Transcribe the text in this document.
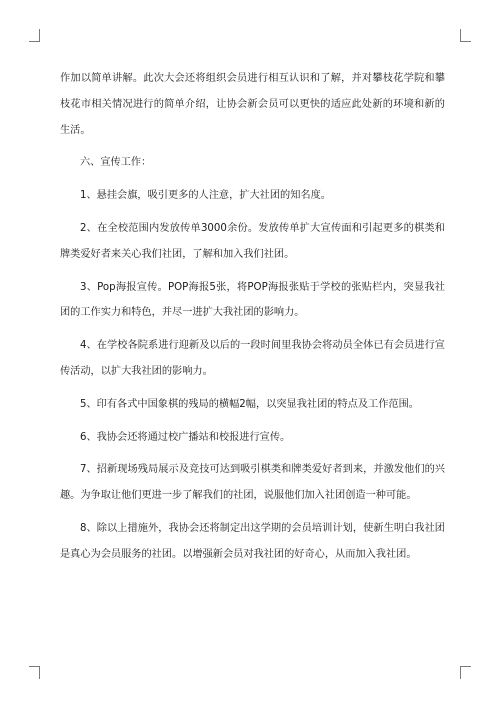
作加以简单讲解。此次大会还将组织会员进行相互认识和了解，并对攀枝花学院和攀枝花市相关情况进行的简单介绍，让协会新会员可以更快的适应此处新的环境和新的生活。

六、宣传工作：

1、悬挂会旗，吸引更多的人注意，扩大社团的知名度。

2、在全校范围内发放传单3000余份。发放传单扩大宣传面和引起更多的棋类和牌类爱好者来关心我们社团，了解和加入我们社团。

3、Pop海报宣传。POP海报5张，将POP海报张贴于学校的张贴栏内，突显我社团的工作实力和特色，并尽一进扩大我社团的影响力。

4、在学校各院系进行迎新及以后的一段时间里我协会将动员全体已有会员进行宣传活动，以扩大我社团的影响力。

5、印有各式中国象棋的残局的横幅2幅，以突显我社团的特点及工作范围。

6、我协会还将通过校广播站和校报进行宣传。

7、招新现场残局展示及竞技可达到吸引棋类和牌类爱好者到来，并激发他们的兴趣。为争取让他们更进一步了解我们的社团，说服他们加入社团创造一种可能。

8、除以上措施外，我协会还将制定出这学期的会员培训计划，使新生明白我社团是真心为会员服务的社团。以增强新会员对我社团的好奇心，从而加入我社团。
